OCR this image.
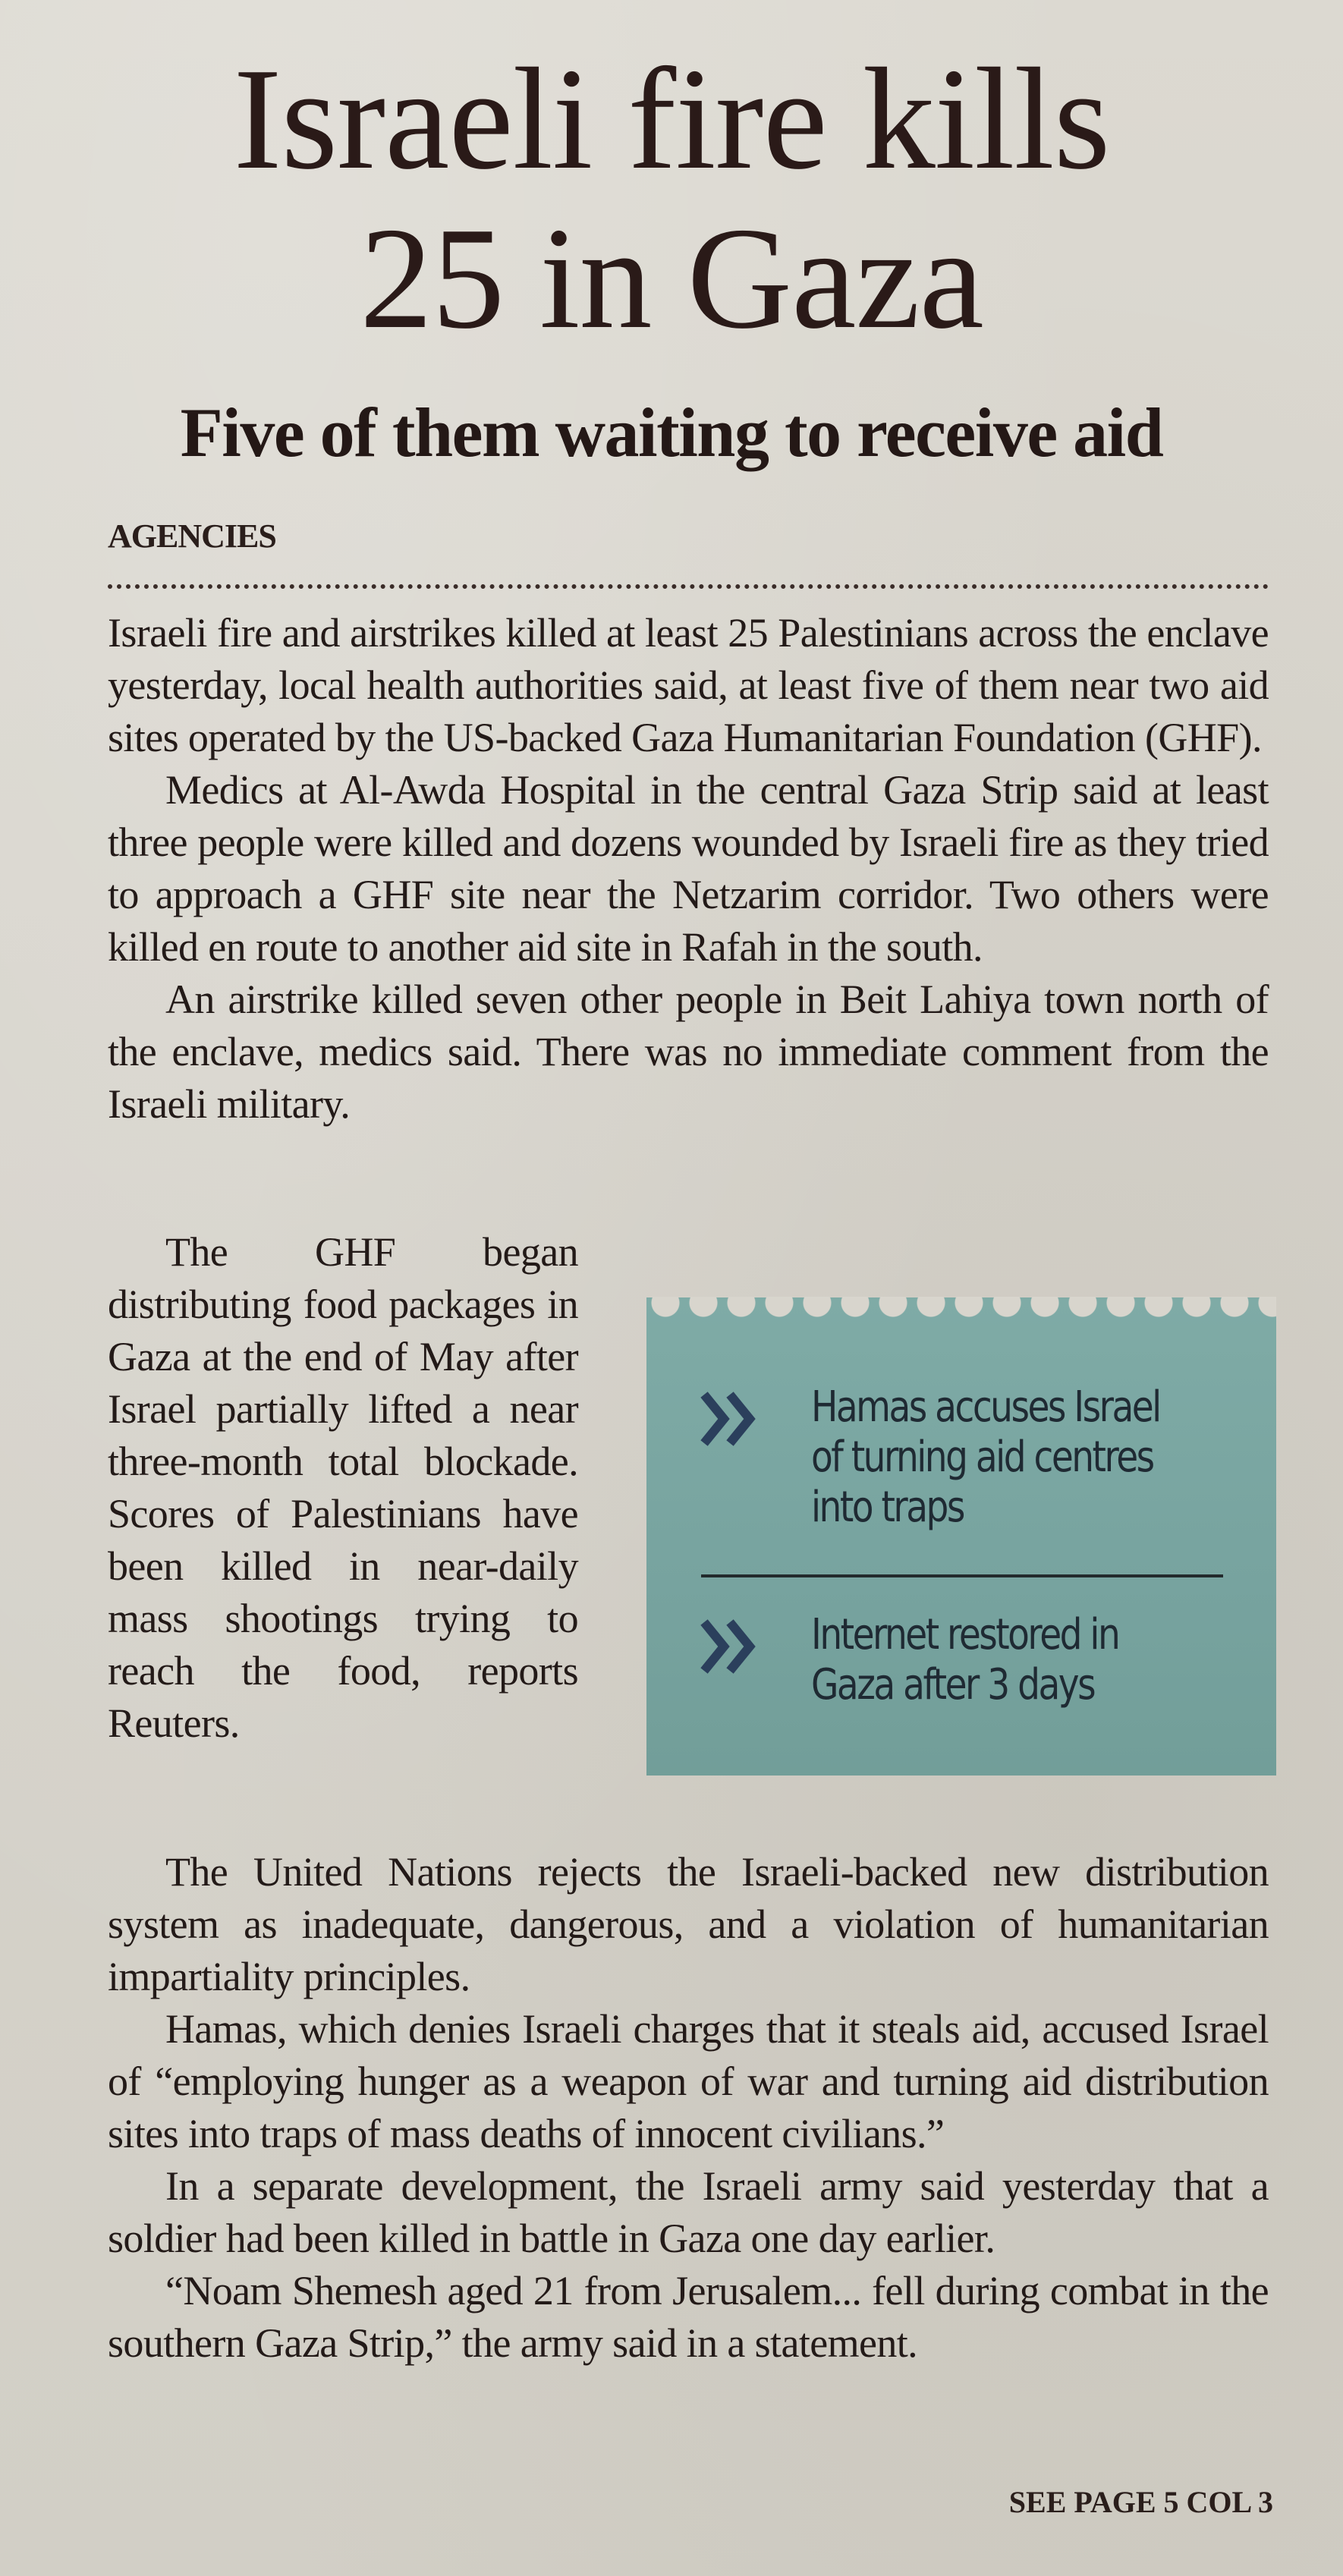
Israeli fire kills
25 in Gaza
Five of them waiting to receive aid
AGENCIES

Israeli fire and airstrikes killed at least 25 Palestinians across the enclave yesterday, local health authorities said, at least five of them near two aid sites operated by the US-backed Gaza Humanitarian Foundation (GHF).

Medics at Al-Awda Hospital in the central Gaza Strip said at least three people were killed and dozens wounded by Israeli fire as they tried to approach a GHF site near the Netzarim corridor. Two others were killed en route to another aid site in Rafah in the south.

An airstrike killed seven other people in Beit Lahiya town north of the enclave, medics said. There was no immediate comment from the Israeli military.

The GHF began distributing food packages in Gaza at the end of May after Israel partially lifted a near three-month total blockade. Scores of Palestinians have been killed in near-daily mass shootings trying to reach the food, reports Reuters.

Hamas accuses Israel
of turning aid centres
into traps
Internet restored in
Gaza after 3 days

The United Nations rejects the Israeli-backed new distribution system as inadequate, dangerous, and a violation of humanitarian impartiality principles.

Hamas, which denies Israeli charges that it steals aid, accused Israel of “employing hunger as a weapon of war and turning aid distribution sites into traps of mass deaths of innocent civilians.”

In a separate development, the Israeli army said yesterday that a soldier had been killed in battle in Gaza one day earlier.

“Noam Shemesh aged 21 from Jerusalem... fell during combat in the southern Gaza Strip,” the army said in a statement.

SEE PAGE 5 COL 3
